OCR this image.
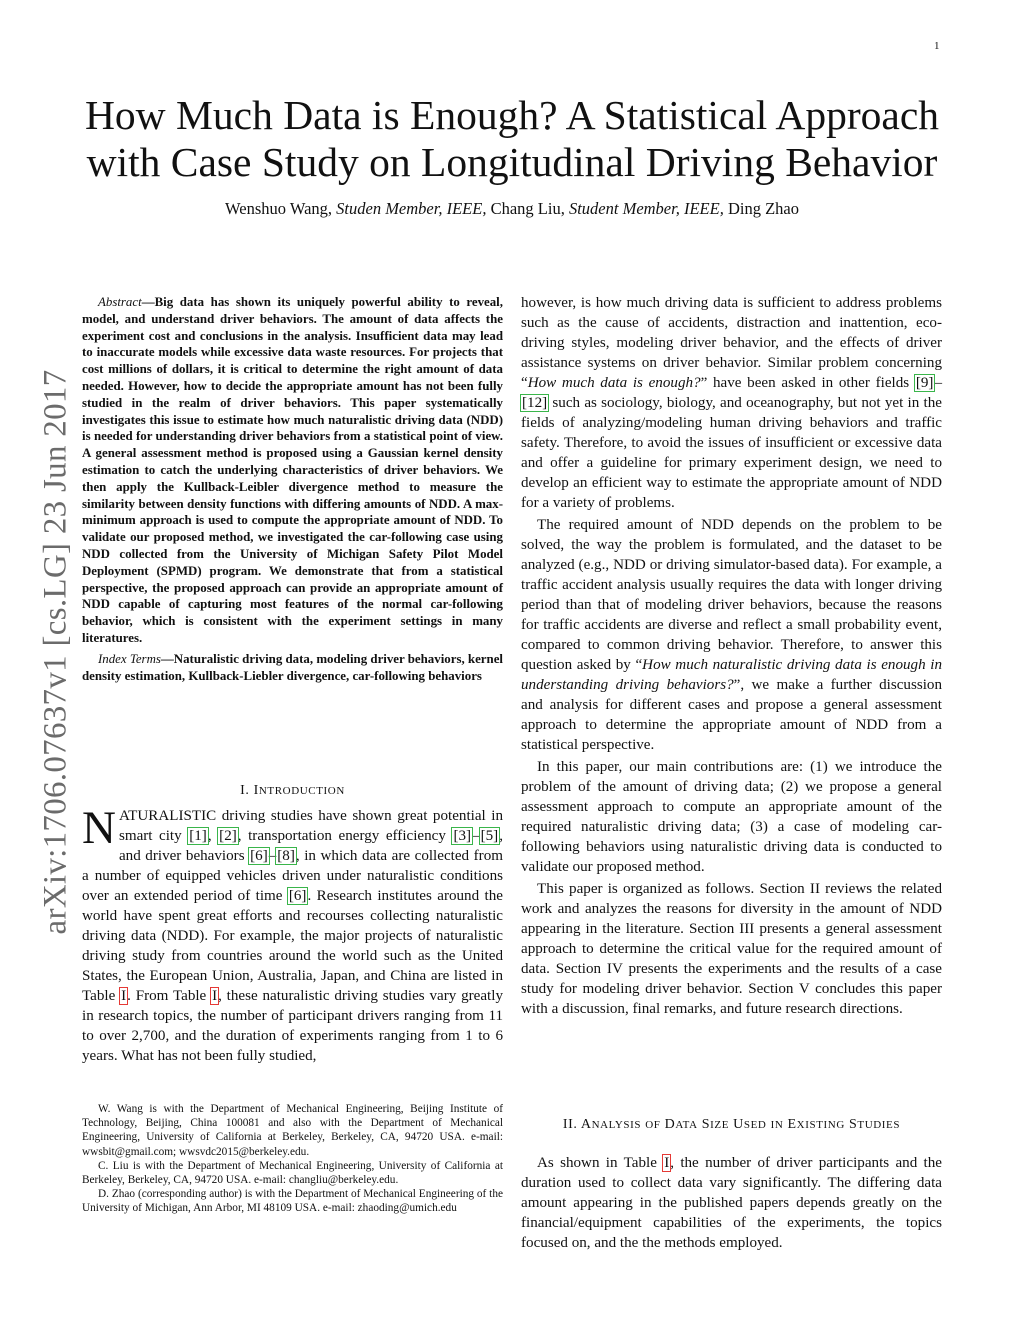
1
arXiv:1706.07637v1 [cs.LG] 23 Jun 2017
How Much Data is Enough? A Statistical Approach with Case Study on Longitudinal Driving Behavior
Wenshuo Wang, Studen Member, IEEE, Chang Liu, Student Member, IEEE, Ding Zhao

Abstract—Big data has shown its uniquely powerful ability to reveal, model, and understand driver behaviors. The amount of data affects the experiment cost and conclusions in the analysis. Insufficient data may lead to inaccurate models while excessive data waste resources. For projects that cost millions of dollars, it is critical to determine the right amount of data needed. However, how to decide the appropriate amount has not been fully studied in the realm of driver behaviors. This paper systematically investigates this issue to estimate how much naturalistic driving data (NDD) is needed for understanding driver behaviors from a statistical point of view. A general assessment method is proposed using a Gaussian kernel density estimation to catch the underlying characteristics of driver behaviors. We then apply the Kullback-Leibler divergence method to measure the similarity between density functions with differing amounts of NDD. A max-minimum approach is used to compute the appropriate amount of NDD. To validate our proposed method, we investigated the car-following case using NDD collected from the University of Michigan Safety Pilot Model Deployment (SPMD) program. We demonstrate that from a statistical perspective, the proposed approach can provide an appropriate amount of NDD capable of capturing most features of the normal car-following behavior, which is consistent with the experiment settings in many literatures.

Index Terms—Naturalistic driving data, modeling driver behaviors, kernel density estimation, Kullback-Liebler divergence, car-following behaviors

I. INTRODUCTION

NATURALISTIC driving studies have shown great potential in smart city [1], [2], transportation energy efficiency [3]–[5], and driver behaviors [6]–[8], in which data are collected from a number of equipped vehicles driven under naturalistic conditions over an extended period of time [6]. Research institutes around the world have spent great efforts and recourses collecting naturalistic driving data (NDD). For example, the major projects of naturalistic driving study from countries around the world such as the United States, the European Union, Australia, Japan, and China are listed in Table I. From Table I, these naturalistic driving studies vary greatly in research topics, the number of participant drivers ranging from 11 to over 2,700, and the duration of experiments ranging from 1 to 6 years. What has not been fully studied,

W. Wang is with the Department of Mechanical Engineering, Beijing Institute of Technology, Beijing, China 100081 and also with the Department of Mechanical Engineering, University of California at Berkeley, Berkeley, CA, 94720 USA. e-mail: wwsbit@gmail.com; wwsvdc2015@berkeley.edu.

C. Liu is with the Department of Mechanical Engineering, University of California at Berkeley, Berkeley, CA, 94720 USA. e-mail: changliu@berkeley.edu.

D. Zhao (corresponding author) is with the Department of Mechanical Engineering of the University of Michigan, Ann Arbor, MI 48109 USA. e-mail: zhaoding@umich.edu

however, is how much driving data is sufficient to address problems such as the cause of accidents, distraction and inattention, eco-driving styles, modeling driver behavior, and the effects of driver assistance systems on driver behavior. Similar problem concerning “How much data is enough?” have been asked in other fields [9]–[12] such as sociology, biology, and oceanography, but not yet in the fields of analyzing/modeling human driving behaviors and traffic safety. Therefore, to avoid the issues of insufficient or excessive data and offer a guideline for primary experiment design, we need to develop an efficient way to estimate the appropriate amount of NDD for a variety of problems.

The required amount of NDD depends on the problem to be solved, the way the problem is formulated, and the dataset to be analyzed (e.g., NDD or driving simulator-based data). For example, a traffic accident analysis usually requires the data with longer driving period than that of modeling driver behaviors, because the reasons for traffic accidents are diverse and reflect a small probability event, compared to common driving behavior. Therefore, to answer this question asked by “How much naturalistic driving data is enough in understanding driving behaviors?”, we make a further discussion and analysis for different cases and propose a general assessment approach to determine the appropriate amount of NDD from a statistical perspective.

In this paper, our main contributions are: (1) we introduce the problem of the amount of driving data; (2) we propose a general assessment approach to compute an appropriate amount of the required naturalistic driving data; (3) a case of modeling car-following behaviors using naturalistic driving data is conducted to validate our proposed method.

This paper is organized as follows. Section II reviews the related work and analyzes the reasons for diversity in the amount of NDD appearing in the literature. Section III presents a general assessment approach to determine the critical value for the required amount of data. Section IV presents the experiments and the results of a case study for modeling driver behavior. Section V concludes this paper with a discussion, final remarks, and future research directions.

II. ANALYSIS OF DATA SIZE USED IN EXISTING STUDIES

As shown in Table I, the number of driver participants and the duration used to collect data vary significantly. The differing data amount appearing in the published papers depends greatly on the financial/equipment capabilities of the experiments, the topics focused on, and the the methods employed.
